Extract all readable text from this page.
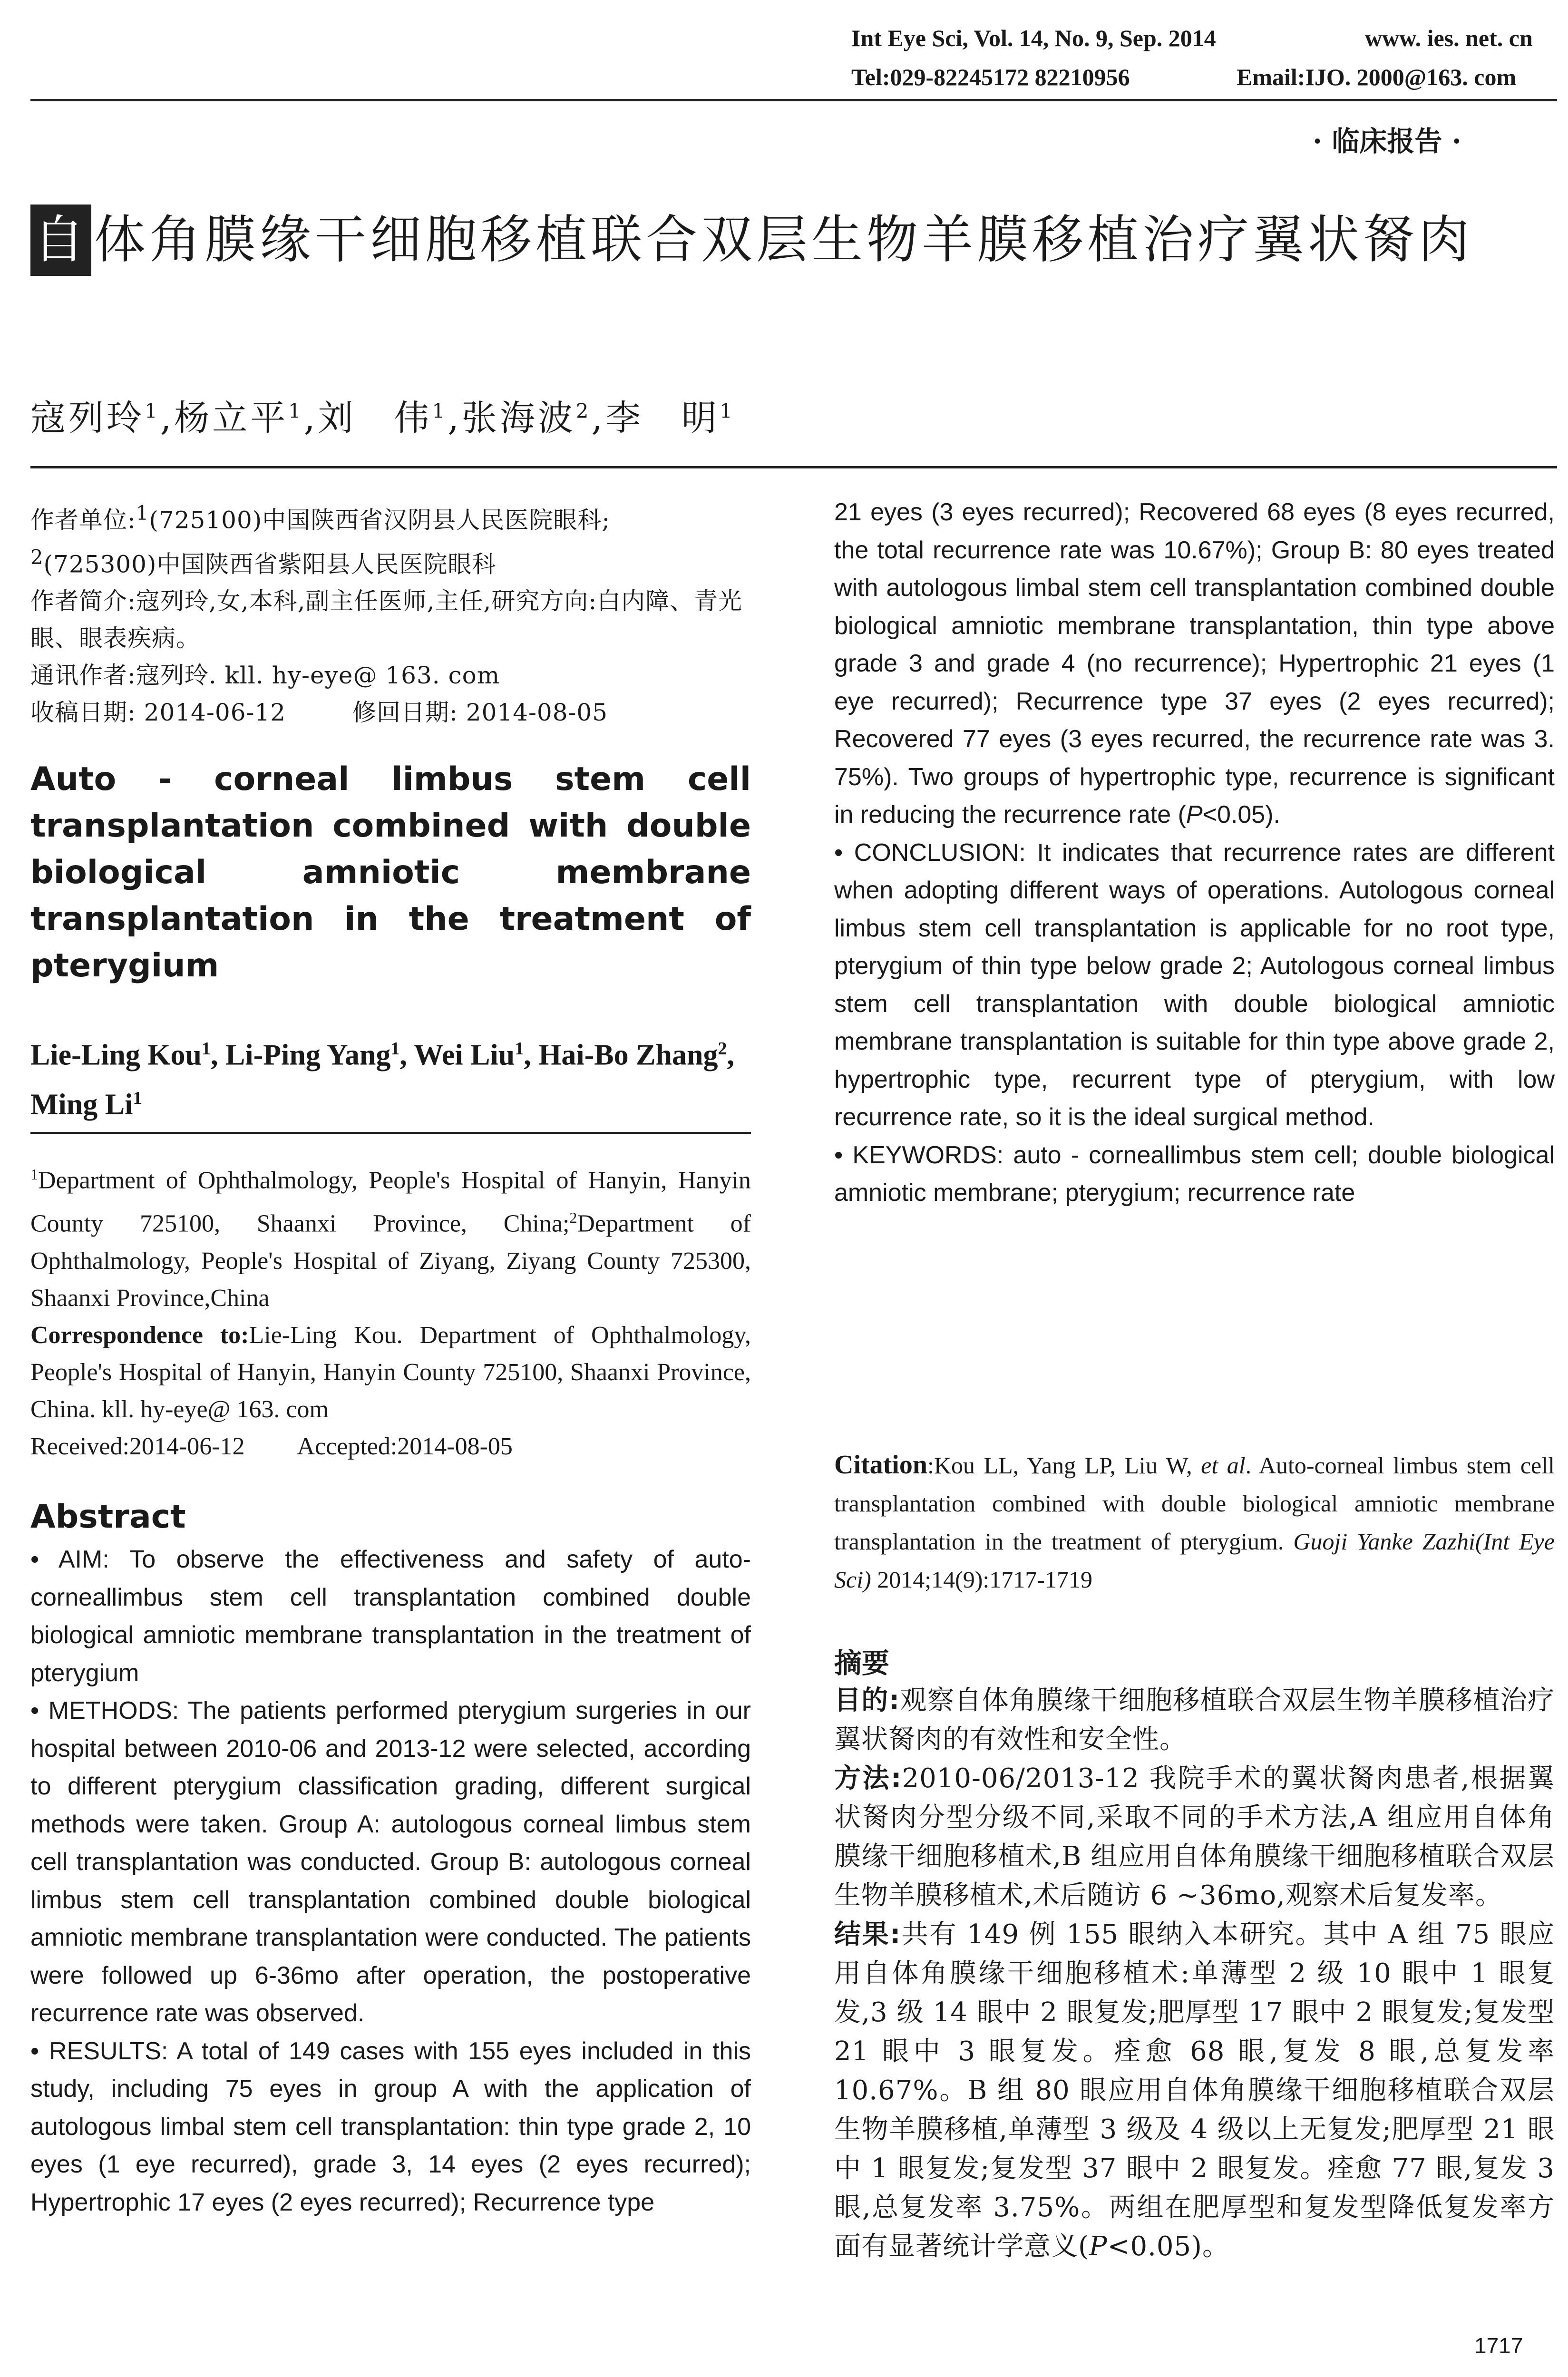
Int Eye Sci, Vol. 14, No. 9, Sep. 2014	www. ies. net. cn
Tel:029-82245172 82210956	Email:IJO. 2000@163. com
· 临床报告 ·
自 体角膜缘干细胞移植联合双层生物羊膜移植治疗翼状胬肉
寇列玲$^1$,杨立平$^1$,刘　伟$^1$,张海波$^2$,李　明$^1$
作者单位:$^1$(725100)中国陕西省汉阴县人民医院眼科;
$^2$(725300)中国陕西省紫阳县人民医院眼科
作者简介:寇列玲,女,本科,副主任医师,主任,研究方向:白内障、青光眼、眼表疾病。
通讯作者:寇列玲. kll. hy-eye@ 163. com
收稿日期: 2014-06-12	修回日期: 2014-08-05
Auto - corneal limbus stem cell transplantation combined with double biological amniotic membrane transplantation in the treatment of pterygium
Lie-Ling Kou$^1$, Li-Ping Yang$^1$, Wei Liu$^1$, Hai-Bo Zhang$^2$, Ming Li$^1$
$^1$Department of Ophthalmology, People's Hospital of Hanyin, Hanyin County 725100, Shaanxi Province, China;$^2$Department of Ophthalmology, People's Hospital of Ziyang, Ziyang County 725300, Shaanxi Province,China
Correspondence to:Lie-Ling Kou. Department of Ophthalmology, People's Hospital of Hanyin, Hanyin County 725100, Shaanxi Province, China. kll. hy-eye@ 163. com
Received:2014-06-12 Accepted:2014-08-05
Abstract

• AIM: To observe the effectiveness and safety of auto-corneallimbus stem cell transplantation combined double biological amniotic membrane transplantation in the treatment of pterygium

• METHODS: The patients performed pterygium surgeries in our hospital between 2010-06 and 2013-12 were selected, according to different pterygium classification grading, different surgical methods were taken. Group A: autologous corneal limbus stem cell transplantation was conducted. Group B: autologous corneal limbus stem cell transplantation combined double biological amniotic membrane transplantation were conducted. The patients were followed up 6-36mo after operation, the postoperative recurrence rate was observed.

• RESULTS: A total of 149 cases with 155 eyes included in this study, including 75 eyes in group A with the application of autologous limbal stem cell transplantation: thin type grade 2, 10 eyes (1 eye recurred), grade 3, 14 eyes (2 eyes recurred); Hypertrophic 17 eyes (2 eyes recurred); Recurrence type

21 eyes (3 eyes recurred); Recovered 68 eyes (8 eyes recurred, the total recurrence rate was 10.67%); Group B: 80 eyes treated with autologous limbal stem cell transplantation combined double biological amniotic membrane transplantation, thin type above grade 3 and grade 4 (no recurrence); Hypertrophic 21 eyes (1 eye recurred); Recurrence type 37 eyes (2 eyes recurred); Recovered 77 eyes (3 eyes recurred, the recurrence rate was 3. 75%). Two groups of hypertrophic type, recurrence is significant in reducing the recurrence rate (P<0.05).

• CONCLUSION: It indicates that recurrence rates are different when adopting different ways of operations. Autologous corneal limbus stem cell transplantation is applicable for no root type, pterygium of thin type below grade 2; Autologous corneal limbus stem cell transplantation with double biological amniotic membrane transplantation is suitable for thin type above grade 2, hypertrophic type, recurrent type of pterygium, with low recurrence rate, so it is the ideal surgical method.

• KEYWORDS: auto - corneallimbus stem cell; double biological amniotic membrane; pterygium; recurrence rate

Citation:Kou LL, Yang LP, Liu W, et al. Auto-corneal limbus stem cell transplantation combined with double biological amniotic membrane transplantation in the treatment of pterygium. Guoji Yanke Zazhi(Int Eye Sci) 2014;14(9):1717-1719
摘要

目的:观察自体角膜缘干细胞移植联合双层生物羊膜移植治疗翼状胬肉的有效性和安全性。

方法:2010-06/2013-12 我院手术的翼状胬肉患者,根据翼状胬肉分型分级不同,采取不同的手术方法,A 组应用自体角膜缘干细胞移植术,B 组应用自体角膜缘干细胞移植联合双层生物羊膜移植术,术后随访 6 ~36mo,观察术后复发率。

结果:共有 149 例 155 眼纳入本研究。其中 A 组 75 眼应用自体角膜缘干细胞移植术:单薄型 2 级 10 眼中 1 眼复发,3 级 14 眼中 2 眼复发;肥厚型 17 眼中 2 眼复发;复发型 21 眼中 3 眼复发。痊愈 68 眼,复发 8 眼,总复发率 10.67%。B 组 80 眼应用自体角膜缘干细胞移植联合双层生物羊膜移植,单薄型 3 级及 4 级以上无复发;肥厚型 21 眼中 1 眼复发;复发型 37 眼中 2 眼复发。痊愈 77 眼,复发 3 眼,总复发率 3.75%。两组在肥厚型和复发型降低复发率方面有显著统计学意义(P<0.05)。

1717
